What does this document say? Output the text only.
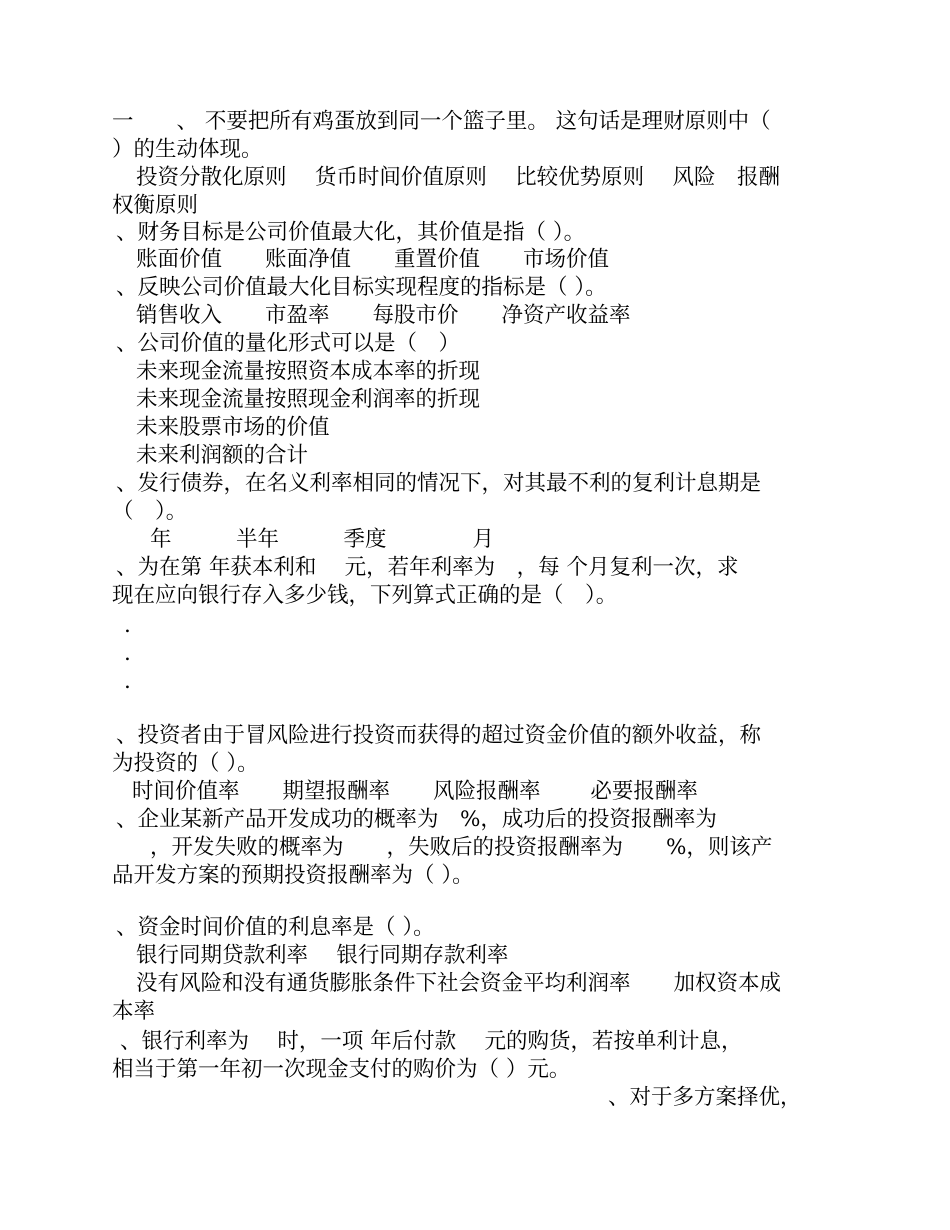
一　　、 不要把所有鸡蛋放到同一个篮子里。 这句话是理财原则中（
）的生动体现。
投资分散化原则　 货币时间价值原则　 比较优势原则　 风险　报酬
权衡原则
、财务目标是公司价值最大化，其价值是指（ ）。
账面价值　　账面净值　　重置价值　　市场价值
、反映公司价值最大化目标实现程度的指标是（ ）。
销售收入　　市盈率　　每股市价　　净资产收益率
、公司价值的量化形式可以是（　）
未来现金流量按照资本成本率的折现
未来现金流量按照现金利润率的折现
未来股票市场的价值
未来利润额的合计
、发行债券，在名义利率相同的情况下，对其最不利的复利计息期是
（　）。
年　　　半年　　　季度　　　　月
、为在第 年获本利和　 元，若年利率为　，每 个月复利一次，求
现在应向银行存入多少钱，下列算式正确的是（　）。
.
.
.
、投资者由于冒风险进行投资而获得的超过资金价值的额外收益，称
为投资的（ ）。
时间价值率　　期望报酬率　　风险报酬率　　 必要报酬率
、企业某新产品开发成功的概率为　%，成功后的投资报酬率为
，开发失败的概率为　　，失败后的投资报酬率为　　%，则该产
品开发方案的预期投资报酬率为（ ）。
、资金时间价值的利息率是（ ）。
银行同期贷款利率　 银行同期存款利率
没有风险和没有通货膨胀条件下社会资金平均利润率　　加权资本成
本率
、银行利率为　 时，一项 年后付款　 元的购货，若按单利计息，
相当于第一年初一次现金支付的购价为（ ）元。
、对于多方案择优，
